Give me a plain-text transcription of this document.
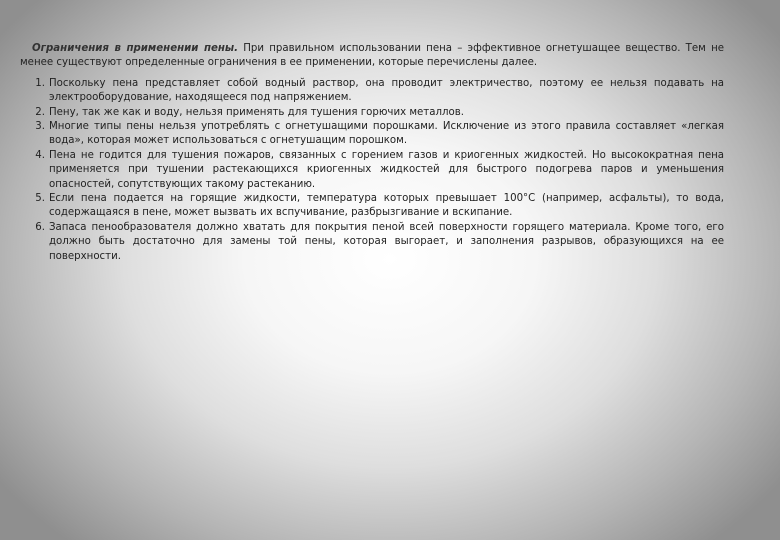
Ограничения в применении пены. При правильном использовании пена – эффективное огнетушащее вещество. Тем не менее существуют определенные ограничения в ее применении, которые перечислены далее.

1. Поскольку пена представляет собой водный раствор, она проводит электричество, поэтому ее нельзя подавать на электрооборудование, находящееся под напряжением.
2. Пену, так же как и воду, нельзя применять для тушения горючих металлов.
3. Многие типы пены нельзя употреблять с огнетушащими порошками. Исключение из этого правила составляет «легкая вода», которая может использоваться с огнетушащим порошком.
4. Пена не годится для тушения пожаров, связанных с горением газов и криогенных жидкостей. Но высокократная пена применяется при тушении растекающихся криогенных жидкостей для быстрого подогрева паров и уменьшения опасностей, сопутствующих такому растеканию.
5. Если пена подается на горящие жидкости, температура которых превышает 100°С (например, асфальты), то вода, содержащаяся в пене, может вызвать их вспучивание, разбрызгивание и вскипание.
6. Запаса пенообразователя должно хватать для покрытия пеной всей поверхности горящего материала. Кроме того, его должно быть достаточно для замены той пены, которая выгорает, и заполнения разрывов, образующихся на ее поверхности.
